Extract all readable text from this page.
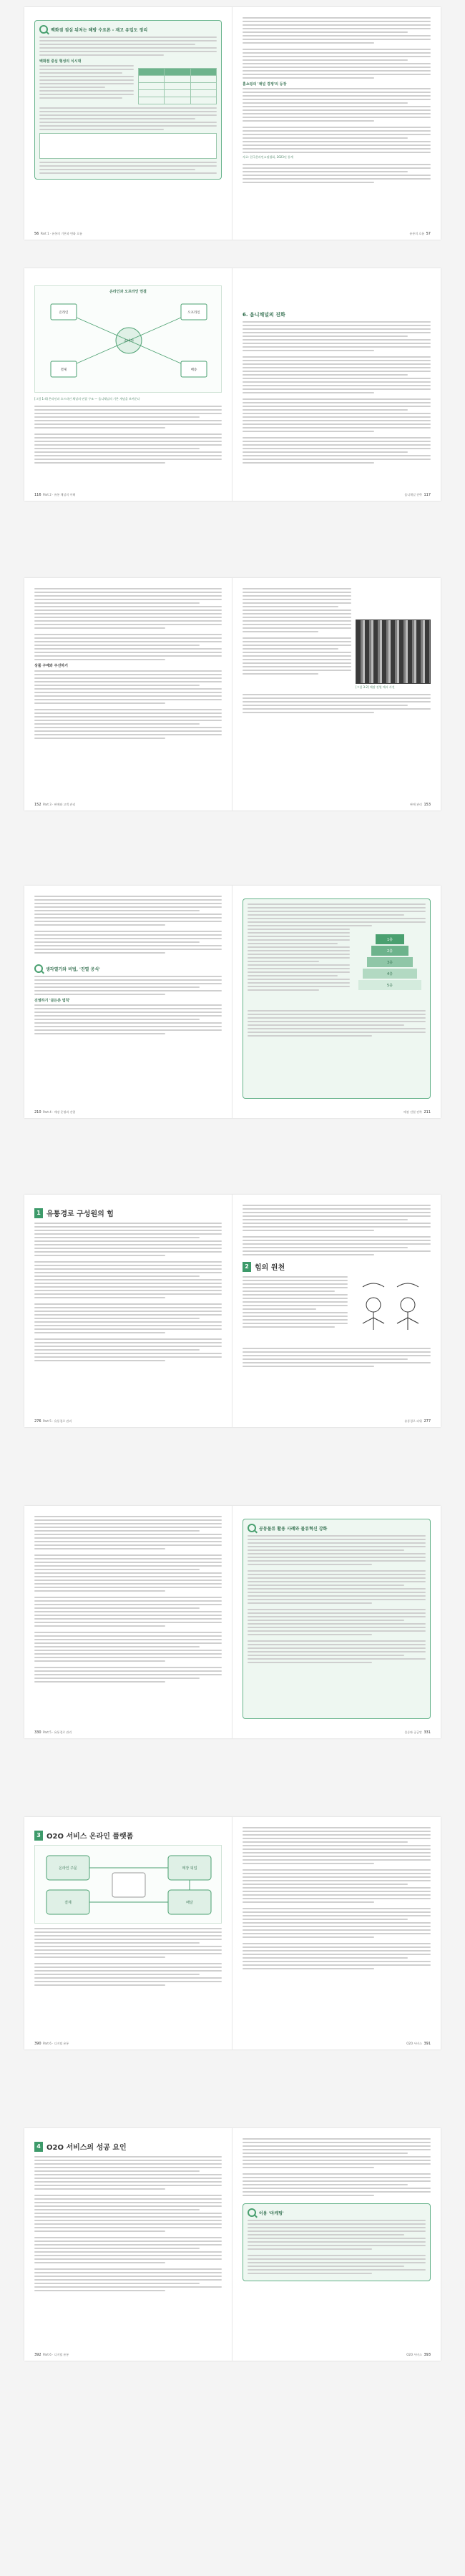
백화점 점심 뒤처는 해방 수요론 - 재고 유입도 정리
백화점 중심 형성의 식시대

56 Part 1 · 유통의 기본과 변화 흐름
홈쇼핑의 '채널 경쟁'의 등장
자료: 한국온라인쇼핑협회, 2023년 통계
유통의 흐름 57
온라인과 오프라인 연결
소비자
온라인	오프라인
결제	배송
[그림 1-4] 온라인과 오프라인 채널의 연결 구조 — 옴니채널의 기본 개념을 보여준다
116 Part 2 · 유통 채널의 이해
6. 옴니채널의 진화
옴니채널 전략 117
상품 구매와 주선하기
152 Part 3 · 판매와 고객 관리
[그림 3-2] 매장 진열 예시 사진
판매 관리 153
생각열기와 비법, '진열 공식'
진열하기 '골든존 법칙'
210 Part 4 · 매장 운영과 진열
1층
2층
3층
4층
5층
매장 진열 전략 211
1 유통경로 구성원의 힘
276 Part 5 · 유통경로 관리
2 힘의 원천
유통경로 파워 277
330 Part 5 · 유통경로 관리
공동물류 활용 사례와 물류혁신 강화
물류와 공급망 331
3 O2O 서비스 온라인 플랫폼
온라인 주문	매장 픽업
배달
결제
390 Part 6 · 디지털 유통	O2O 서비스 391
4 O2O 서비스의 성공 요인
392 Part 6 · 디지털 유통
이용 '마케팅'
O2O 서비스 393
